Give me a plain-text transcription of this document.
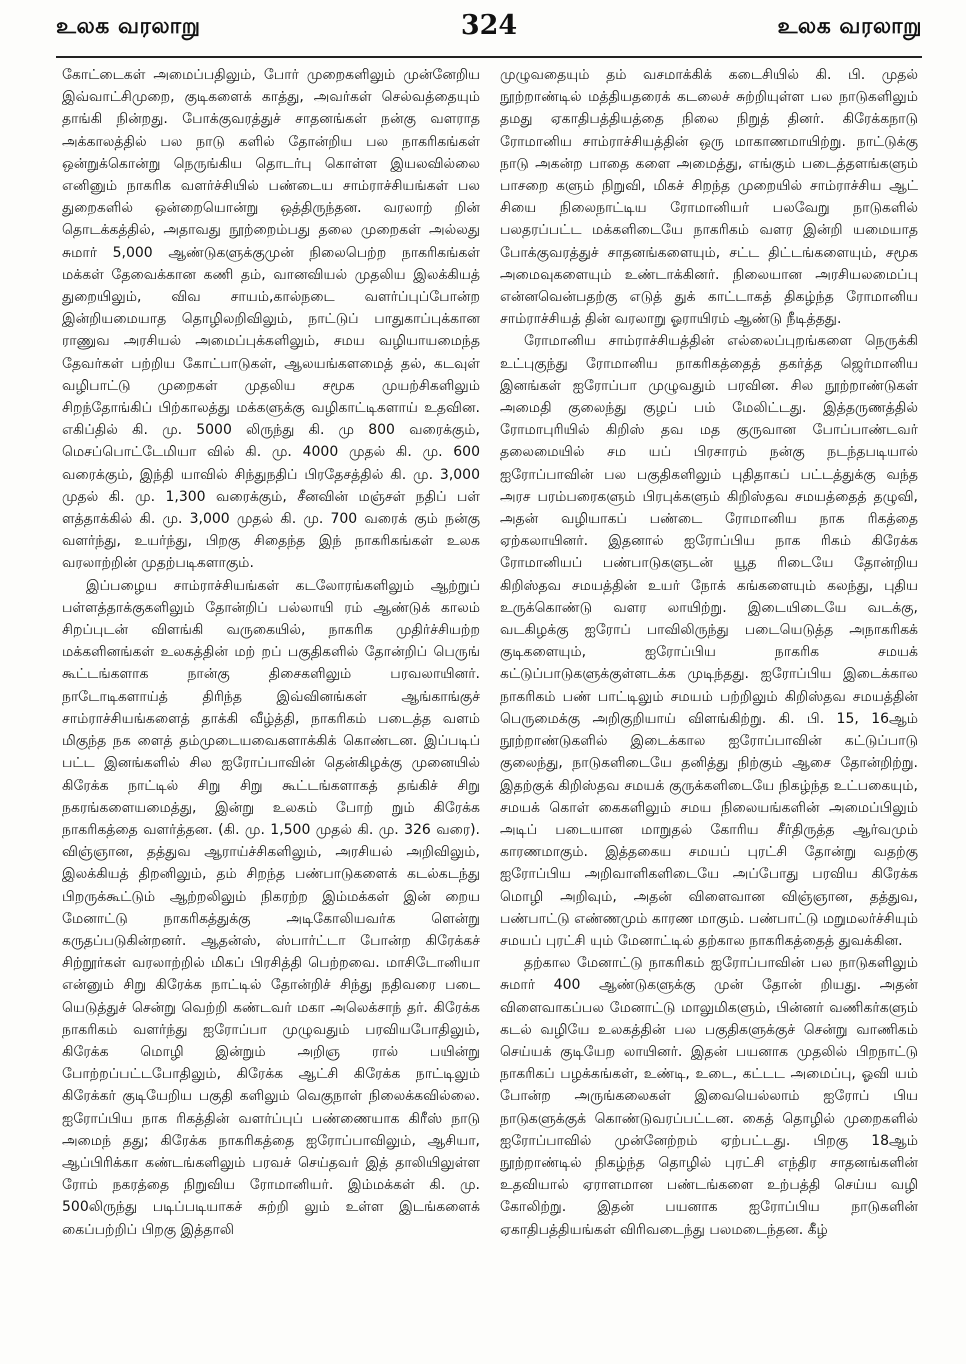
உலக வரலாறு	324	உலக வரலாறு

கோட்டைகள் அமைப்பதிலும், போர் முறைகளிலும் முன்னேறிய இவ்வாட்சிமுறை, குடிகளைக் காத்து, அவர்கள் செல்வத்தையும் தாங்கி நின்றது. போக்குவரத்துச் சாதனங்கள் நன்கு வளராத அக்காலத்தில் பல நாடு களில் தோன்றிய பல நாகரிகங்கள் ஒன்றுக்கொன்று நெருங்கிய தொடர்பு கொள்ள இயலவில்லை எனினும் நாகரிக வளர்ச்சியில் பண்டைய சாம்ராச்சியங்கள் பல துறைகளில் ஒன்றையொன்று ஒத்திருந்தன. வரலாற் றின் தொடக்கத்தில், அதாவது நூற்றைம்பது தலை முறைகள் அல்லது சுமார் 5,000 ஆண்டுகளுக்குமுன் நிலைபெற்ற நாகரிகங்கள் மக்கள் தேவைக்கான கணி தம், வானவியல் முதலிய இலக்கியத் துறையிலும், விவ சாயம்,கால்நடை வளர்ப்புப்போன்ற இன்றியமையாத தொழிலறிவிலும், நாட்டுப் பாதுகாப்புக்கான ராணுவ அரசியல் அமைப்புக்களிலும், சமய வழியாயமைந்த தேவர்கள் பற்றிய கோட்பாடுகள், ஆலயங்களமைத் தல், கடவுள் வழிபாட்டு முறைகள் முதலிய சமூக முயற்சிகளிலும் சிறந்தோங்கிப் பிற்காலத்து மக்களுக்கு வழிகாட்டிகளாய் உதவின. எகிப்தில் கி. மு. 5000 லிருந்து கி. மு 800 வரைக்கும், மெசப்பொட்டேமியா வில் கி. மு. 4000 முதல் கி. மு. 600 வரைக்கும், இந்தி யாவில் சிந்துநதிப் பிரதேசத்தில் கி. மு. 3,000 முதல் கி. மு. 1,300 வரைக்கும், சீனவின் மஞ்சள் நதிப் பள் ளத்தாக்கில் கி. மு. 3,000 முதல் கி. மு. 700 வரைக் கும் நன்கு வளர்ந்து, உயர்ந்து, பிறகு சிதைந்த இந் நாகரிகங்கள் உலக வரலாற்றின் முதற்படிகளாகும்.

இப்பழைய சாம்ராச்சியங்கள் கடலோரங்களிலும் ஆற்றுப் பள்ளத்தாக்குகளிலும் தோன்றிப் பல்லாயி ரம் ஆண்டுக் காலம் சிறப்புடன் விளங்கி வருகையில், நாகரிக முதிர்ச்சியற்ற மக்களினங்கள் உலகத்தின் மற் றப் பகுதிகளில் தோன்றிப் பெருங் கூட்டங்களாக நான்கு திசைகளிலும் பரவலாயினர். நாடோடிகளாய்த் திரிந்த இவ்வினங்கள் ஆங்காங்குச் சாம்ராச்சியங்களைத் தாக்கி வீழ்த்தி, நாகரிகம் படைத்த வளம் மிகுந்த நக ளைத் தம்முடையவைகளாக்கிக் கொண்டன. இப்படிப் பட்ட இனங்களில் சில ஐரோப்பாவின் தென்கிழக்கு முனையில் கிரேக்க நாட்டில் சிறு சிறு கூட்டங்களாகத் தங்கிச் சிறு நகரங்களையமைத்து, இன்று உலகம் போற் றும் கிரேக்க நாகரிகத்தை வளர்த்தன. (கி. மு. 1,500 முதல் கி. மு. 326 வரை). விஞ்ஞான, தத்துவ ஆராய்ச்சிகளிலும், அரசியல் அறிவிலும், இலக்கியத் திறனிலும், தம் சிறந்த பண்பாடுகளைக் கடல்கடந்து பிறருக்கூட்டும் ஆற்றலிலும் நிகரற்ற இம்மக்கள் இன் றைய மேனாட்டு நாகரிகத்துக்கு அடிகோலியவர்க ளென்று கருதப்படுகின்றனர். ஆதன்ஸ், ஸ்பார்ட்டா போன்ற கிரேக்கச் சிற்றூர்கள் வரலாற்றில் மிகப் பிரசித்தி பெற்றவை. மாசிடோனியா என்னும் சிறு கிரேக்க நாட்டில் தோன்றிச் சிந்து நதிவரை படை யெடுத்துச் சென்று வெற்றி கண்டவர் மகா அலெக்சாந் தர். கிரேக்க நாகரிகம் வளர்ந்து ஐரோப்பா முழுவதும் பரவியபோதிலும், கிரேக்க மொழி இன்றும் அறிஞ ரால் பயின்று போற்றப்பட்டபோதிலும், கிரேக்க ஆட்சி கிரேக்க நாட்டிலும் கிரேக்கர் குடியேறிய பகுதி களிலும் வெகுநாள் நிலைக்கவில்லை. ஐரோப்பிய நாக ரிகத்தின் வளர்ப்புப் பண்ணையாக கிரீஸ் நாடு அமைந் தது; கிரேக்க நாகரிகத்தை ஐரோப்பாவிலும், ஆசியா, ஆப்பிரிக்கா கண்டங்களிலும் பரவச் செய்தவர் இத் தாலியிலுள்ள ரோம் நகரத்தை நிறுவிய ரோமானியர். இம்மக்கள் கி. மு. 500லிருந்து படிப்படியாகச் சுற்றி லும் உள்ள இடங்களைக் கைப்பற்றிப் பிறகு இத்தாலி

முழுவதையும் தம் வசமாக்கிக் கடைசியில் கி. பி. முதல் நூற்றாண்டில் மத்தியதரைக் கடலைச் சுற்றியுள்ள பல நாடுகளிலும் தமது ஏகாதிபத்தியத்தை நிலை நிறுத் தினர். கிரேக்கநாடு ரோமானிய சாம்ராச்சியத்தின் ஒரு மாகாணமாயிற்று. நாட்டுக்கு நாடு அகன்ற பாதை களை அமைத்து, எங்கும் படைத்தளங்களும் பாசறை களும் நிறுவி, மிகச் சிறந்த முறையில் சாம்ராச்சிய ஆட் சியை நிலைநாட்டிய ரோமானியர் பலவேறு நாடுகளில் பலதரப்பட்ட மக்களிடையே நாகரிகம் வளர இன்றி யமையாத போக்குவரத்துச் சாதனங்களையும், சட்ட திட்டங்களையும், சமூக அமைவுகளையும் உண்டாக்கினர். நிலையான அரசியலமைப்பு என்னவென்பதற்கு எடுத் துக் காட்டாகத் திகழ்ந்த ரோமானிய சாம்ராச்சியத் தின் வரலாறு ஓராயிரம் ஆண்டு நீடித்தது.

ரோமானிய சாம்ராச்சியத்தின் எல்லைப்புறங்களை நெருக்கி உட்புகுந்து ரோமானிய நாகரிகத்தைத் தகர்த்த ஜெர்மானிய இனங்கள் ஐரோப்பா முழுவதும் பரவின. சில நூற்றாண்டுகள் அமைதி குலைந்து குழப் பம் மேலிட்டது. இத்தருணத்தில் ரோமாபுரியில் கிறிஸ் தவ மத குருவான போப்பாண்டவர் தலைமையில் சம யப் பிரசாரம் நன்கு நடந்தபடியால் ஐரோப்பாவின் பல பகுதிகளிலும் புதிதாகப் பட்டத்துக்கு வந்த அரச பரம்பரைகளும் பிரபுக்களும் கிறிஸ்தவ சமயத்தைத் தழுவி, அதன் வழியாகப் பண்டை ரோமானிய நாக ரிகத்தை ஏற்கலாயினர். இதனால் ஐரோப்பிய நாக ரிகம் கிரேக்க ரோமானியப் பண்பாடுகளுடன் யூத ரிடையே தோன்றிய கிறிஸ்தவ சமயத்தின் உயர் நோக் கங்களையும் கலந்து, புதிய உருக்கொண்டு வளர லாயிற்று. இடையிடையே வடக்கு, வடகிழக்கு ஐரோப் பாவிலிருந்து படையெடுத்த அநாகரிகக் குடிகளையும், ஐரோப்பிய நாகரிக சமயக் கட்டுப்பாடுகளுக்குள்ளடக்க முடிந்தது. ஐரோப்பிய இடைக்கால நாகரிகம் பண் பாட்டிலும் சமயம் பற்றிலும் கிறிஸ்தவ சமயத்தின் பெருமைக்கு அறிகுறியாய் விளங்கிற்று. கி. பி. 15, 16ஆம் நூற்றாண்டுகளில் இடைக்கால ஐரோப்பாவின் கட்டுப்பாடு குலைந்து, நாடுகளிடையே தனித்து நிற்கும் ஆசை தோன்றிற்று. இதற்குக் கிறிஸ்தவ சமயக் குருக்களிடையே நிகழ்ந்த உட்பகையும், சமயக் கொள் கைகளிலும் சமய நிலையங்களின் அமைப்பிலும் அடிப் படையான மாறுதல் கோரிய சீர்திருத்த ஆர்வமும் காரணமாகும். இத்தகைய சமயப் புரட்சி தோன்று வதற்கு ஐரோப்பிய அறிவாளிகளிடையே அப்போது பரவிய கிரேக்க மொழி அறிவும், அதன் விளைவான விஞ்ஞான, தத்துவ, பண்பாட்டு எண்ணமும் காரண மாகும். பண்பாட்டு மறுமலர்ச்சியும் சமயப் புரட்சி யும் மேனாட்டில் தற்கால நாகரிகத்தைத் துவக்கின.

தற்கால மேனாட்டு நாகரிகம் ஐரோப்பாவின் பல நாடுகளிலும் சுமார் 400 ஆண்டுகளுக்கு முன் தோன் றியது. அதன் விளைவாகப்பல மேனாட்டு மாலுமிகளும், பின்னர் வணிகர்களும் கடல் வழியே உலகத்தின் பல பகுதிகளுக்குச் சென்று வாணிகம் செய்யக் குடியேற லாயினர். இதன் பயனாக முதலில் பிறநாட்டு நாகரிகப் பழக்கங்கள், உண்டி, உடை, கட்டட அமைப்பு, ஓவி யம் போன்ற அருங்கலைகள் இவையெல்லாம் ஐரோப் பிய நாடுகளுக்குக் கொண்டுவரப்பட்டன. கைத் தொழில் முறைகளில் ஐரோப்பாவில் முன்னேற்றம் ஏற்பட்டது. பிறகு 18ஆம் நூற்றாண்டில் நிகழ்ந்த தொழில் புரட்சி எந்திர சாதனங்களின் உதவியால் ஏராளமான பண்டங்களை உற்பத்தி செய்ய வழி கோலிற்று. இதன் பயனாக ஐரோப்பிய நாடுகளின் ஏகாதிபத்தியங்கள் விரிவடைந்து பலமடைந்தன. கீழ்
